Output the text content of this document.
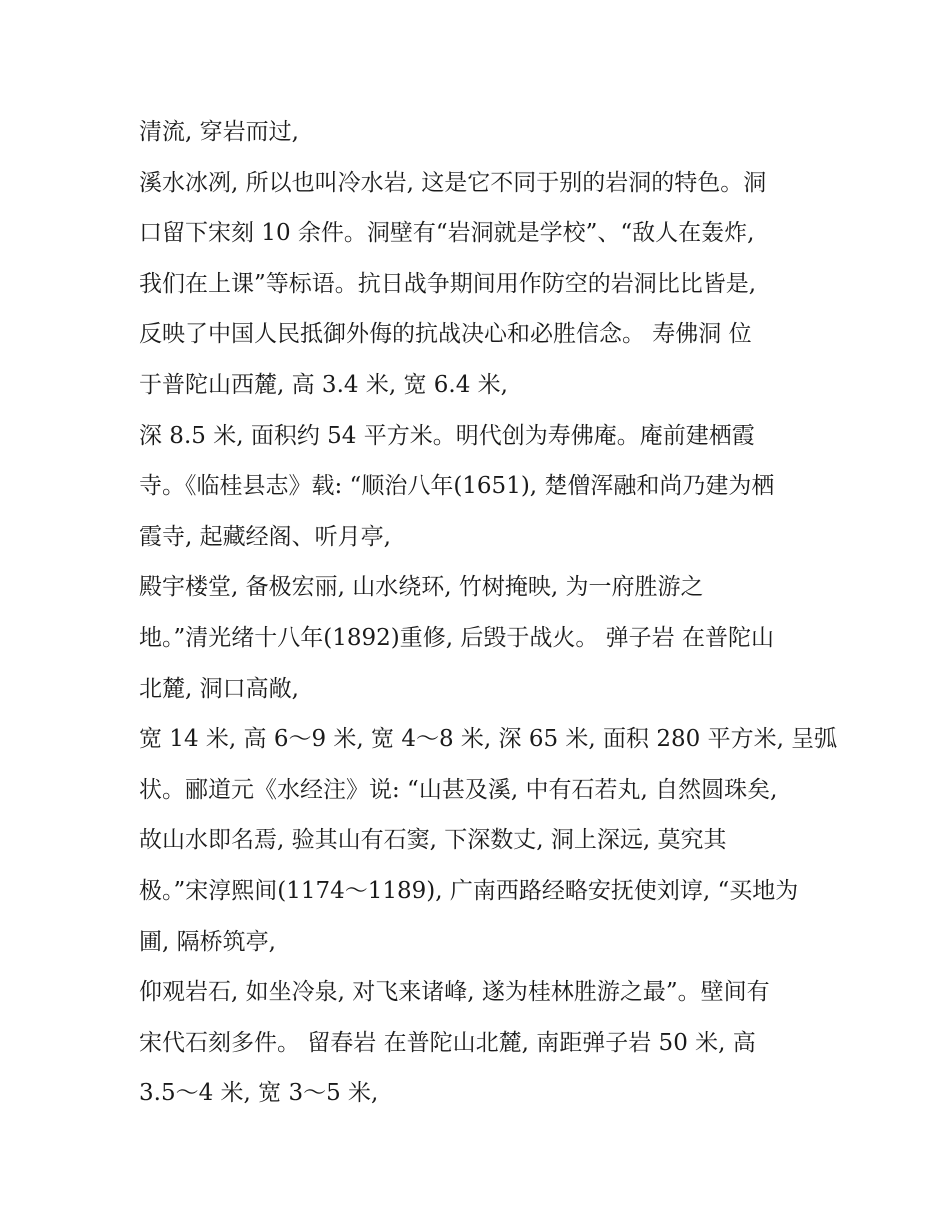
清流, 穿岩而过,
溪水冰冽, 所以也叫冷水岩, 这是它不同于别的岩洞的特色。洞
口留下宋刻 10 余件。洞壁有“岩洞就是学校”、“敌人在轰炸,
我们在上课”等标语。抗日战争期间用作防空的岩洞比比皆是,
反映了中国人民抵御外侮的抗战决心和必胜信念。 寿佛洞 位
于普陀山西麓, 高 3.4 米, 宽 6.4 米,
深 8.5 米, 面积约 54 平方米。明代创为寿佛庵。庵前建栖霞
寺。《临桂县志》载: “顺治八年(1651), 楚僧浑融和尚乃建为栖
霞寺, 起藏经阁、听月亭,
殿宇楼堂, 备极宏丽, 山水绕环, 竹树掩映, 为一府胜游之
地。”清光绪十八年(1892)重修, 后毁于战火。 弹子岩 在普陀山
北麓, 洞口高敞,
宽 14 米, 高 6～9 米, 宽 4～8 米, 深 65 米, 面积 280 平方米, 呈弧
状。郦道元《水经注》说: “山甚及溪, 中有石若丸, 自然圆珠矣,
故山水即名焉, 验其山有石窦, 下深数丈, 洞上深远, 莫究其
极。”宋淳熙间(1174～1189), 广南西路经略安抚使刘谆, “买地为
圃, 隔桥筑亭,
仰观岩石, 如坐冷泉, 对飞来诸峰, 遂为桂林胜游之最”。壁间有
宋代石刻多件。 留春岩 在普陀山北麓, 南距弹子岩 50 米, 高
3.5～4 米, 宽 3～5 米,
